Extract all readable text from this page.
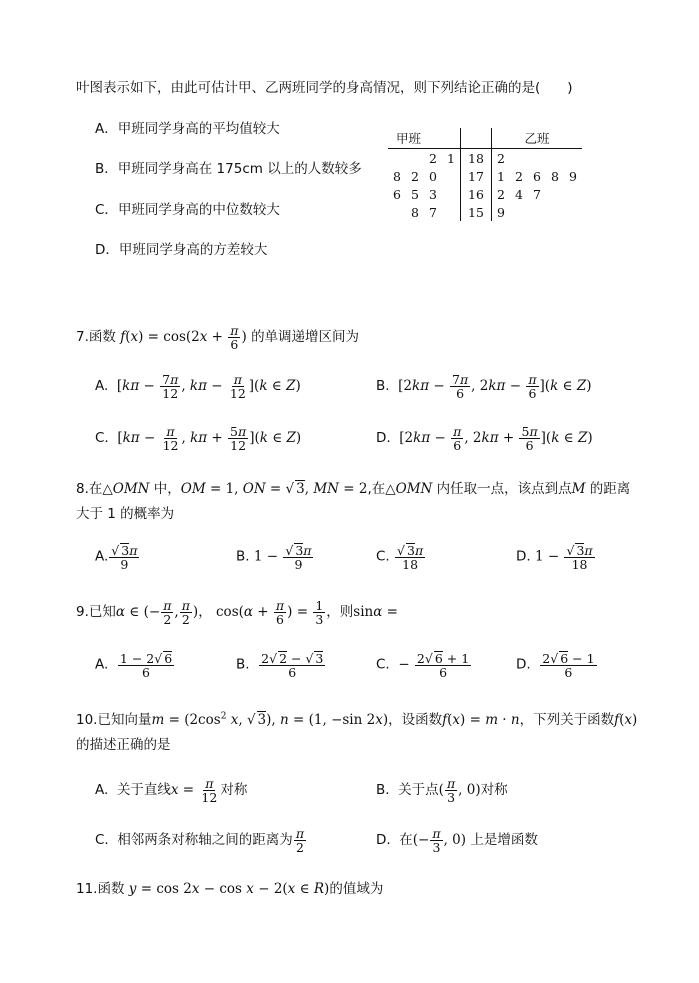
叶图表示如下，由此可估计甲、乙两班同学的身高情况，则下列结论正确的是(　　)
A．甲班同学身高的平均值较大
B．甲班同学身高在 175cm 以上的人数较多
C．甲班同学身高的中位数较大
D．甲班同学身高的方差较大
甲班					乙班				
		2	1	18	2				
8	2	0		17	1	2	6	8	9
6	5	3		16	2	4	7		
	8	7		15	9				
7.函数 $f(x) = \cos(2x + \frac{\pi}{6}$ ) 的单调递增区间为
A. [$k\pi - \frac{7\pi}{12}$ , $k\pi - \frac{\pi}{12} ](k$ ∈ Z)	B. [$2k\pi - \frac{7\pi}{6}$ , $2k\pi - \frac{\pi}{6} ](k$ ∈ Z)
C. [$k\pi - \frac{\pi}{12}$ , $k\pi + \frac{5\pi}{12} ](k$ ∈ Z)	D. [$2k\pi - \frac{\pi}{6}$ , $2k\pi + \frac{5\pi}{6} ](k$ ∈ Z)
8.在△OMN 中，OM = 1, ON = √ 3, MN = 2,在△OMN 内任取一点，该点到点M 的距离
大于 1 的概率为
A. $\frac{√ 3\pi}{9}$	B. $1 - \frac{√ 3\pi}{9}$	C. $\frac{√ 3\pi}{18}$	D. $1 - \frac{√ 3\pi}{18}$
9.已知α ∈ (− $\frac{\pi}{2}$ , $\frac{\pi}{2}$ )， $\cos(\alpha + \frac{\pi}{6}$ ) = $\frac{1}{3}$ ，则sinα =
A. $\frac{1 - 2√ 6}{6}$	B. $\frac{2√ 2 - √ 3}{6}$	C. − $\frac{2√ 6 + 1}{6}$	D. $\frac{2√ 6 - 1}{6}$
10.已知向量$m = (2\cos^2$ x, √ 3), n = (1, −sin 2x)，设函数f(x) = m · n，下列关于函数f(x)
的描述正确的是
A. 关于直线$x = \frac{\pi}{12}$ 对称	B. 关于点( $\frac{\pi}{3}$ , 0)对称
C. 相邻两条对称轴之间的距离为 $\frac{\pi}{2}$	D. 在(− $\frac{\pi}{3}$ , 0) 上是增函数
11.函数 y = cos 2x − cos x − 2(x ∈ R)的值域为
